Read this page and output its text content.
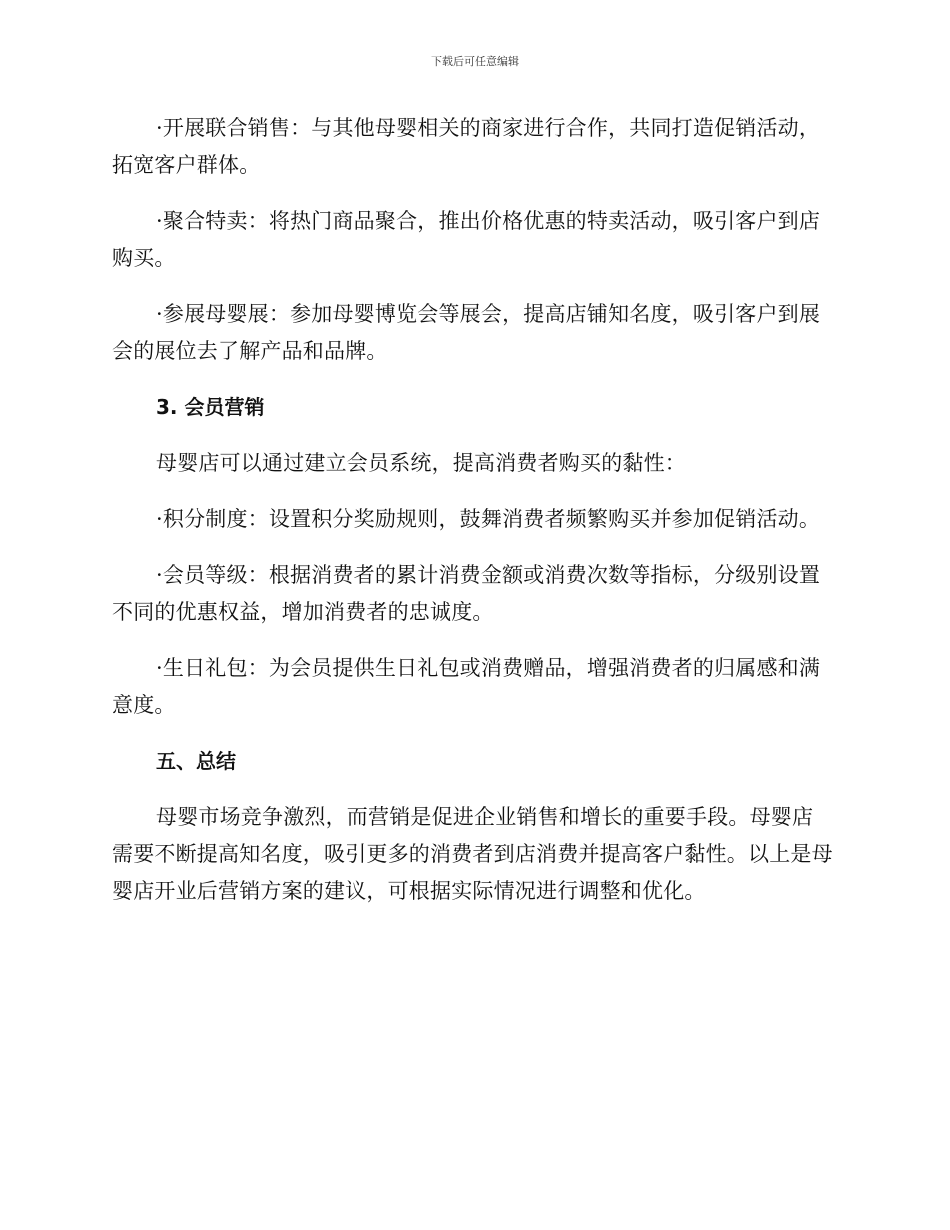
下载后可任意编辑

·开展联合销售：与其他母婴相关的商家进行合作，共同打造促销活动，拓宽客户群体。

·聚合特卖：将热门商品聚合，推出价格优惠的特卖活动，吸引客户到店购买。

·参展母婴展：参加母婴博览会等展会，提高店铺知名度，吸引客户到展会的展位去了解产品和品牌。

3. 会员营销

母婴店可以通过建立会员系统，提高消费者购买的黏性：

·积分制度：设置积分奖励规则，鼓舞消费者频繁购买并参加促销活动。

·会员等级：根据消费者的累计消费金额或消费次数等指标，分级别设置不同的优惠权益，增加消费者的忠诚度。

·生日礼包：为会员提供生日礼包或消费赠品，增强消费者的归属感和满意度。

五、总结

母婴市场竞争激烈，而营销是促进企业销售和增长的重要手段。母婴店需要不断提高知名度，吸引更多的消费者到店消费并提高客户黏性。以上是母婴店开业后营销方案的建议，可根据实际情况进行调整和优化。
